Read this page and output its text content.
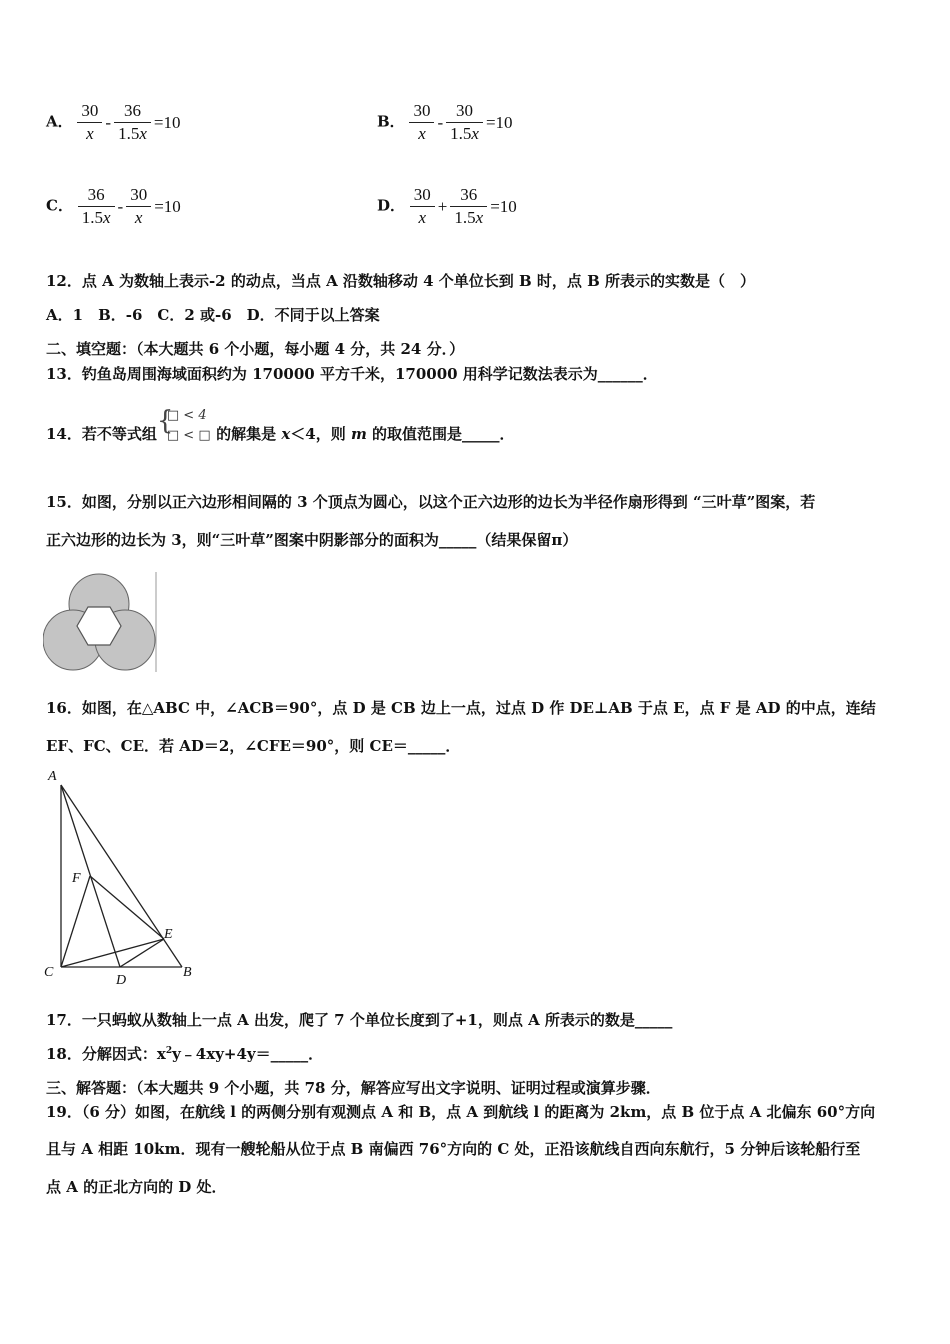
A． $\frac{30}{x} - \frac{36}{1.5x} =10$	B． $\frac{30}{x} - \frac{30}{1.5x} =10$
C． $\frac{36}{1.5x} - \frac{30}{x} =10$	D． $\frac{30}{x} + \frac{36}{1.5x} =10$
12．点 A 为数轴上表示-2 的动点，当点 A 沿数轴移动 4 个单位长到 B 时，点 B 所表示的实数是（　）
A．1　B．-6　C．2 或-6　D．不同于以上答案
二、填空题：（本大题共 6 个小题，每小题 4 分，共 24 分．）
13．钓鱼岛周围海域面积约为 170000 平方千米，170000 用科学记数法表示为______．
14．若不等式组 {
□ < 4
□ < □ 的解集是 x＜4，则 m 的取值范围是_____．
15．如图，分别以正六边形相间隔的 3 个顶点为圆心，以这个正六边形的边长为半径作扇形得到 “三叶草”图案，若
正六边形的边长为 3，则“三叶草”图案中阴影部分的面积为_____（结果保留π）
16．如图，在△ABC 中，∠ACB＝90°，点 D 是 CB 边上一点，过点 D 作 DE⊥AB 于点 E，点 F 是 AD 的中点，连结
EF、FC、CE．若 AD＝2，∠CFE＝90°，则 CE＝_____．
A
F
E
C
D
B
17．一只蚂蚁从数轴上一点 A 出发，爬了 7 个单位长度到了+1，则点 A 所表示的数是_____
18．分解因式：$x^2y﹣4xy+4y=\_\_\_\_\_$．
三、解答题：（本大题共 9 个小题，共 78 分，解答应写出文字说明、证明过程或演算步骤．
19．（6 分）如图，在航线 l 的两侧分别有观测点 A 和 B，点 A 到航线 l 的距离为 2km，点 B 位于点 A 北偏东 60°方向
且与 A 相距 10km．现有一艘轮船从位于点 B 南偏西 76°方向的 C 处，正沿该航线自西向东航行，5 分钟后该轮船行至
点 A 的正北方向的 D 处．
